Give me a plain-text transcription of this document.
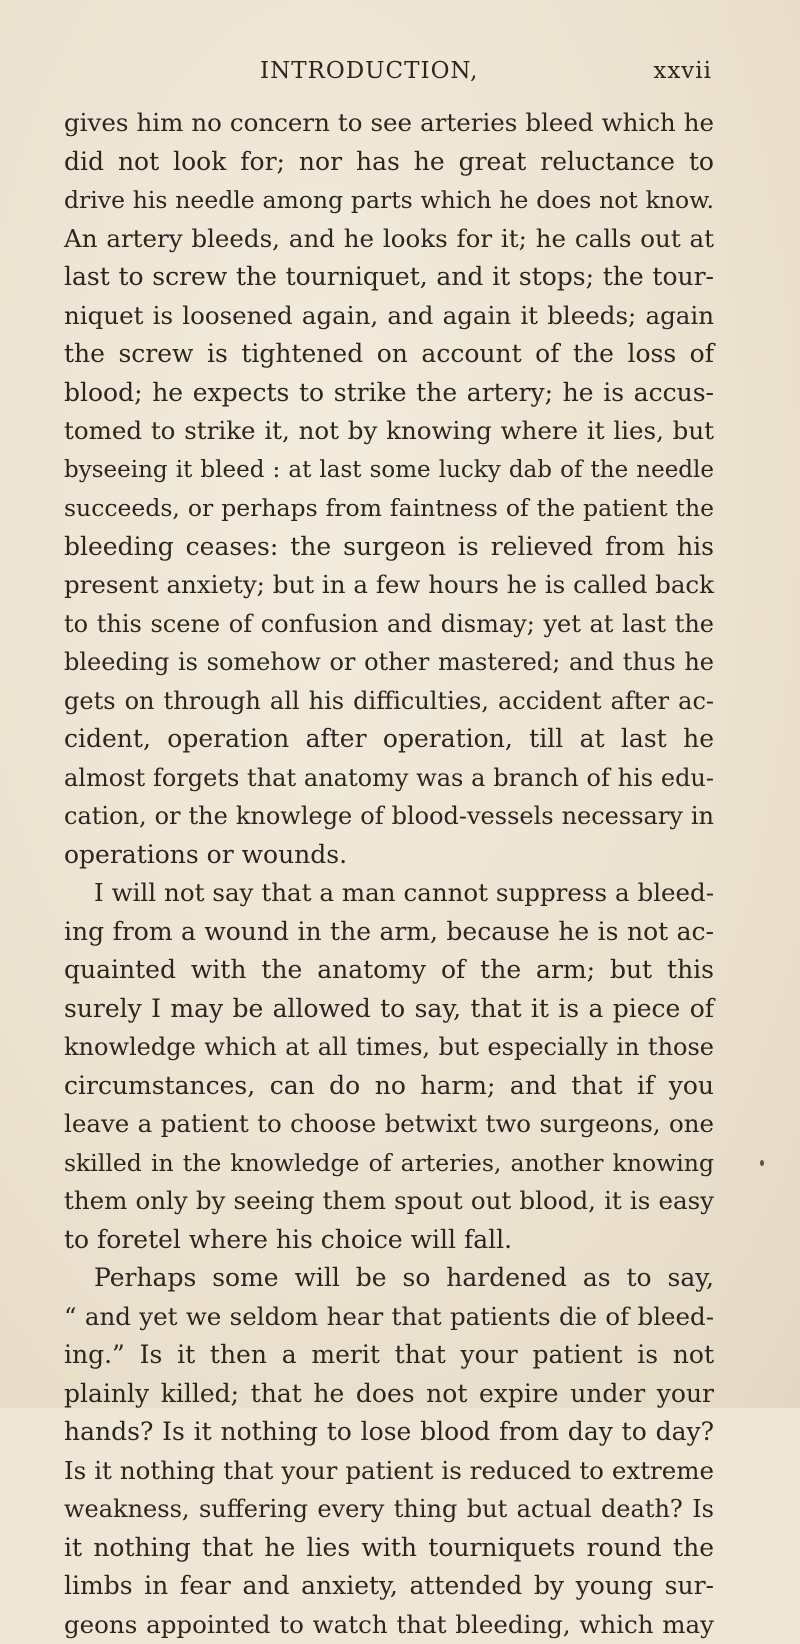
INTRODUCTION,	xxvii
gives him no concern to see arteries bleed which he
did not look for; nor has he great reluctance to
drive his needle among parts which he does not know.
An artery bleeds, and he looks for it; he calls out at
last to screw the tourniquet, and it stops; the tour-
niquet is loosened again, and again it bleeds; again
the screw is tightened on account of the loss of
blood; he expects to strike the artery; he is accus-
tomed to strike it, not by knowing where it lies, but
byseeing it bleed : at last some lucky dab of the needle
succeeds, or perhaps from faintness of the patient the
bleeding ceases: the surgeon is relieved from his
present anxiety; but in a few hours he is called back
to this scene of confusion and dismay; yet at last the
bleeding is somehow or other mastered; and thus he
gets on through all his difficulties, accident after ac-
cident, operation after operation, till at last he
almost forgets that anatomy was a branch of his edu-
cation, or the knowlege of blood-vessels necessary in
operations or wounds.
I will not say that a man cannot suppress a bleed-
ing from a wound in the arm, because he is not ac-
quainted with the anatomy of the arm; but this
surely I may be allowed to say, that it is a piece of
knowledge which at all times, but especially in those
circumstances, can do no harm; and that if you
leave a patient to choose betwixt two surgeons, one
skilled in the knowledge of arteries, another knowing
them only by seeing them spout out blood, it is easy
to foretel where his choice will fall.
Perhaps some will be so hardened as to say,
“ and yet we seldom hear that patients die of bleed-
ing.” Is it then a merit that your patient is not
plainly killed; that he does not expire under your
hands? Is it nothing to lose blood from day to day?
Is it nothing that your patient is reduced to extreme
weakness, suffering every thing but actual death? Is
it nothing that he lies with tourniquets round the
limbs in fear and anxiety, attended by young sur-
geons appointed to watch that bleeding, which may
